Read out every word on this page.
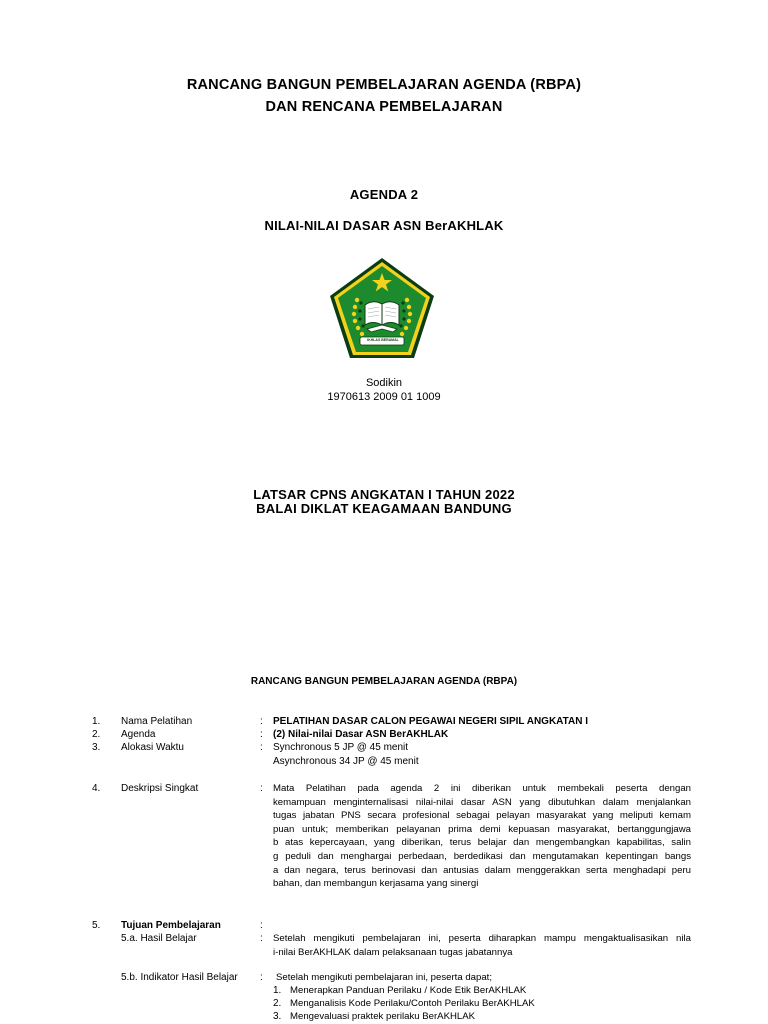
RANCANG BANGUN PEMBELAJARAN AGENDA (RBPA)
DAN RENCANA PEMBELAJARAN
AGENDA 2
NILAI-NILAI DASAR ASN BerAKHLAK
IKHLAS BERAMAL
Sodikin
1970613 2009 01 1009
LATSAR CPNS ANGKATAN I TAHUN 2022
BALAI DIKLAT KEAGAMAAN BANDUNG
RANCANG BANGUN PEMBELAJARAN AGENDA (RBPA)
1. Nama Pelatihan	: PELATIHAN DASAR CALON PEGAWAI NEGERI SIPIL ANGKATAN I
2. Agenda	: (2) Nilai-nilai Dasar ASN BerAKHLAK
3. Alokasi Waktu	: Synchronous 5 JP @ 45 menit
Asynchronous 34 JP @ 45 menit
4. Deskripsi Singkat	: Mata Pelatihan pada agenda 2 ini diberikan untuk membekali peserta dengan
kemampuan menginternalisasi nilai-nilai dasar ASN yang dibutuhkan dalam menjalankan
tugas jabatan PNS secara profesional sebagai pelayan masyarakat yang meliputi kemam
puan untuk; memberikan pelayanan prima demi kepuasan masyarakat, bertanggungjawa
b atas kepercayaan, yang diberikan, terus belajar dan mengembangkan kapabilitas, salin
g peduli dan menghargai perbedaan, berdedikasi dan mengutamakan kepentingan bangs
a dan negara, terus berinovasi dan antusias dalam menggerakkan serta menghadapi peru
bahan, dan membangun kerjasama yang sinergi
5. Tujuan Pembelajaran	:
5.a. Hasil Belajar	: Setelah mengikuti pembelajaran ini, peserta diharapkan mampu mengaktualisasikan nila
i-nilai BerAKHLAK dalam pelaksanaan tugas jabatannya
5.b. Indikator Hasil Belajar : Setelah mengikuti pembelajaran ini, peserta dapat;
1. Menerapkan Panduan Perilaku / Kode Etik BerAKHLAK
2. Menganalisis Kode Perilaku/Contoh Perilaku BerAKHLAK
3. Mengevaluasi praktek perilaku BerAKHLAK
